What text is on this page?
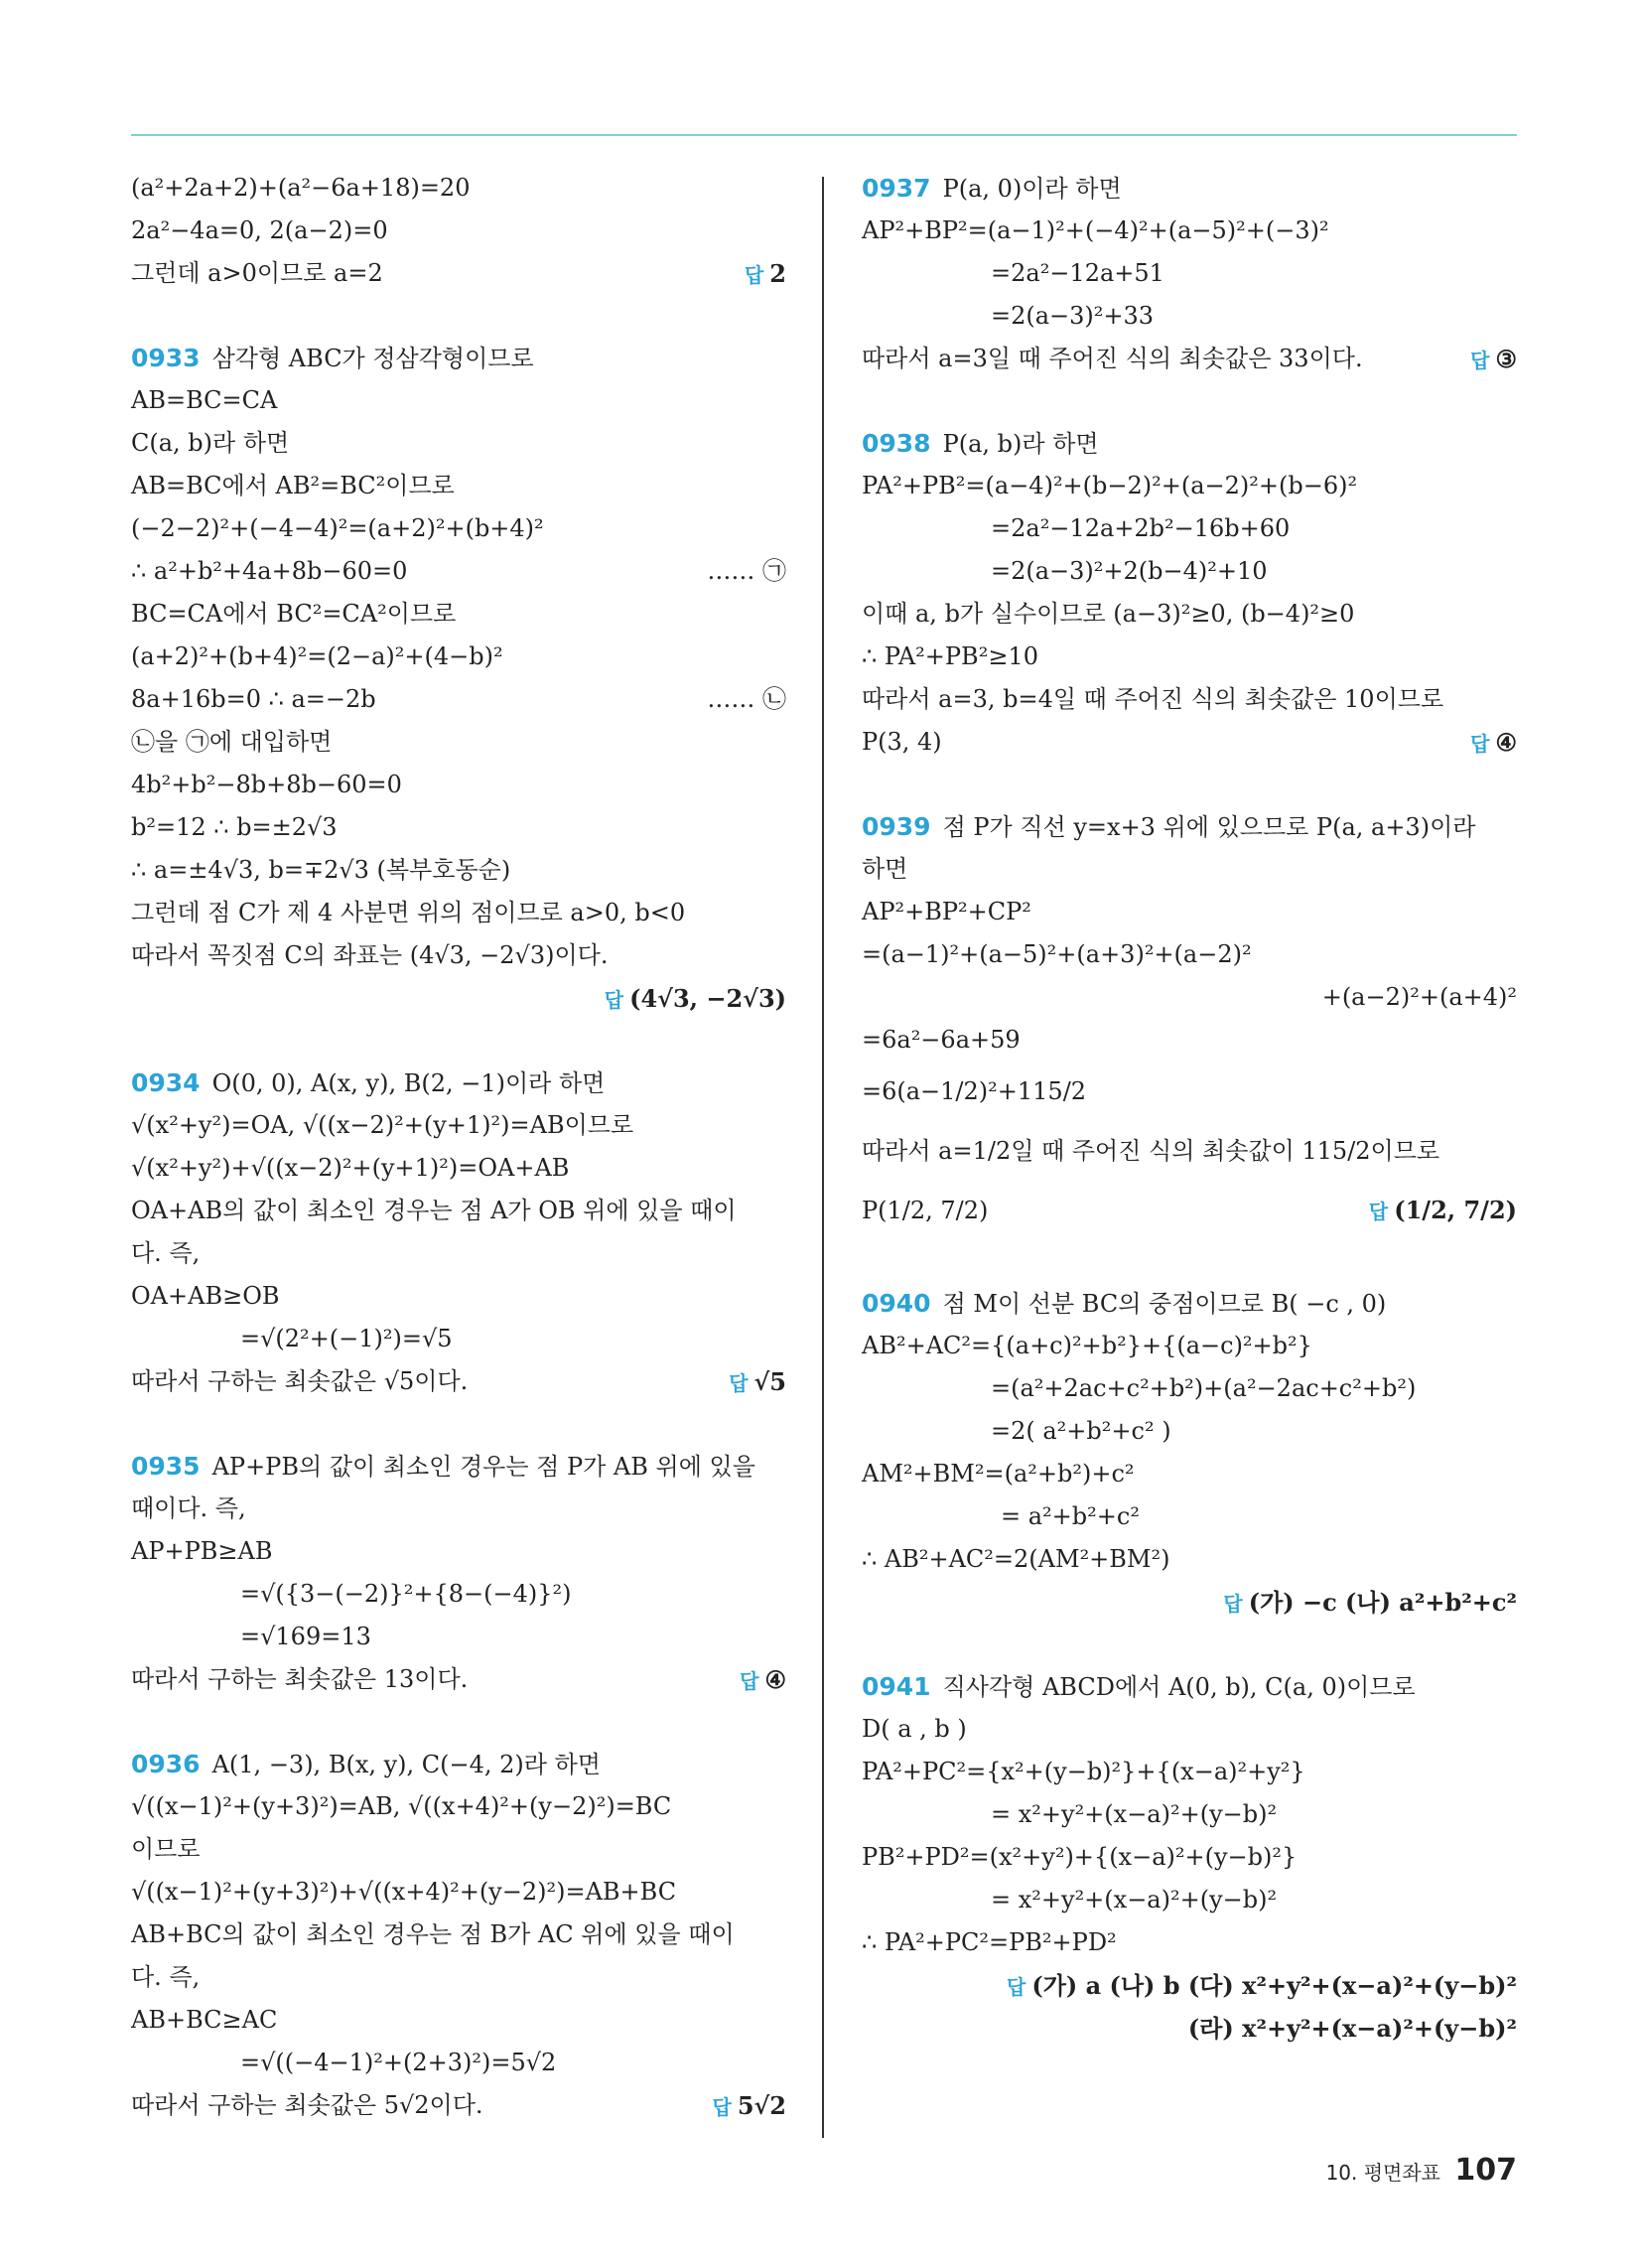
(a²+2a+2)+(a²−6a+18)=20
2a²−4a=0, 2(a−2)=0
그런데 a>0이므로 a=2	답 2
0933 삼각형 ABC가 정삼각형이므로
AB=BC=CA
C(a, b)라 하면
AB=BC에서 AB²=BC²이므로
(−2−2)²+(−4−4)²=(a+2)²+(b+4)²
∴ a²+b²+4a+8b−60=0	…… ㉠
BC=CA에서 BC²=CA²이므로
(a+2)²+(b+4)²=(2−a)²+(4−b)²
8a+16b=0 ∴ a=−2b	…… ㉡
㉡을 ㉠에 대입하면
4b²+b²−8b+8b−60=0
b²=12 ∴ b=±2√3
∴ a=±4√3, b=∓2√3 (복부호동순)
그런데 점 C가 제 4 사분면 위의 점이므로 a>0, b<0
따라서 꼭짓점 C의 좌표는 (4√3, −2√3)이다.
답 (4√3, −2√3)
0934 O(0, 0), A(x, y), B(2, −1)이라 하면
√(x²+y²)=OA, √((x−2)²+(y+1)²)=AB이므로
√(x²+y²)+√((x−2)²+(y+1)²)=OA+AB
OA+AB의 값이 최소인 경우는 점 A가 OB 위에 있을 때이
다. 즉,
OA+AB≥OB
=√(2²+(−1)²)=√5
따라서 구하는 최솟값은 √5이다.	답 √5
0935 AP+PB의 값이 최소인 경우는 점 P가 AB 위에 있을
때이다. 즉,
AP+PB≥AB
=√({3−(−2)}²+{8−(−4)}²)
=√169=13
따라서 구하는 최솟값은 13이다.	답 ④
0936 A(1, −3), B(x, y), C(−4, 2)라 하면
√((x−1)²+(y+3)²)=AB, √((x+4)²+(y−2)²)=BC
이므로
√((x−1)²+(y+3)²)+√((x+4)²+(y−2)²)=AB+BC
AB+BC의 값이 최소인 경우는 점 B가 AC 위에 있을 때이
다. 즉,
AB+BC≥AC
=√((−4−1)²+(2+3)²)=5√2
따라서 구하는 최솟값은 5√2이다.	답 5√2
0937 P(a, 0)이라 하면
AP²+BP²=(a−1)²+(−4)²+(a−5)²+(−3)²
=2a²−12a+51
=2(a−3)²+33
따라서 a=3일 때 주어진 식의 최솟값은 33이다.	답 ③
0938 P(a, b)라 하면
PA²+PB²=(a−4)²+(b−2)²+(a−2)²+(b−6)²
=2a²−12a+2b²−16b+60
=2(a−3)²+2(b−4)²+10
이때 a, b가 실수이므로 (a−3)²≥0, (b−4)²≥0
∴ PA²+PB²≥10
따라서 a=3, b=4일 때 주어진 식의 최솟값은 10이므로
P(3, 4)	답 ④
0939 점 P가 직선 y=x+3 위에 있으므로 P(a, a+3)이라
하면
AP²+BP²+CP²
=(a−1)²+(a−5)²+(a+3)²+(a−2)²
+(a−2)²+(a+4)²
=6a²−6a+59
=6(a−1/2)²+115/2
따라서 a=1/2일 때 주어진 식의 최솟값이 115/2이므로
P(1/2, 7/2)	답 (1/2, 7/2)
0940 점 M이 선분 BC의 중점이므로 B( −c , 0)
AB²+AC²={(a+c)²+b²}+{(a−c)²+b²}
=(a²+2ac+c²+b²)+(a²−2ac+c²+b²)
=2( a²+b²+c² )
AM²+BM²=(a²+b²)+c²
= a²+b²+c²
∴ AB²+AC²=2(AM²+BM²)
답 (가) −c (나) a²+b²+c²
0941 직사각형 ABCD에서 A(0, b), C(a, 0)이므로
D( a , b )
PA²+PC²={x²+(y−b)²}+{(x−a)²+y²}
= x²+y²+(x−a)²+(y−b)²
PB²+PD²=(x²+y²)+{(x−a)²+(y−b)²}
= x²+y²+(x−a)²+(y−b)²
∴ PA²+PC²=PB²+PD²
답 (가) a (나) b (다) x²+y²+(x−a)²+(y−b)²
(라) x²+y²+(x−a)²+(y−b)²
10. 평면좌표 107
